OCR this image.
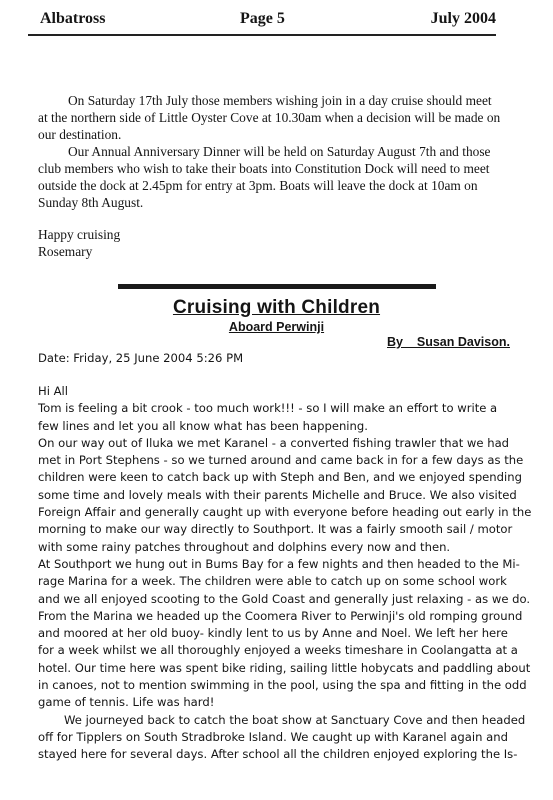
Albatross	Page 5	July 2004

On Saturday 17th July those members wishing join in a day cruise should meet

at the northern side of Little Oyster Cove at 10.30am when a decision will be made on
our destination.

Our Annual Anniversary Dinner will be held on Saturday August 7th and those

club members who wish to take their boats into Constitution Dock will need to meet
outside the dock at 2.45pm for entry at 3pm. Boats will leave the dock at 10am on
Sunday 8th August.
Happy cruising
Rosemary
Cruising with Children
Aboard Perwinji
By    Susan Davison.
Date: Friday, 25 June 2004 5:26 PM
Hi All
Tom is feeling a bit crook - too much work!!! - so I will make an effort to write a
few lines and let you all know what has been happening.
On our way out of Iluka we met Karanel - a converted fishing trawler that we had
met in Port Stephens - so we turned around and came back in for a few days as the
children were keen to catch back up with Steph and Ben, and we enjoyed spending
some time and lovely meals with their parents Michelle and Bruce. We also visited
Foreign Affair and generally caught up with everyone before heading out early in the
morning to make our way directly to Southport. It was a fairly smooth sail / motor
with some rainy patches throughout and dolphins every now and then.
At Southport we hung out in Bums Bay for a few nights and then headed to the Mi-
rage Marina for a week. The children were able to catch up on some school work
and we all enjoyed scooting to the Gold Coast and generally just relaxing - as we do.
From the Marina we headed up the Coomera River to Perwinji's old romping ground
and moored at her old buoy- kindly lent to us by Anne and Noel. We left her here
for a week whilst we all thoroughly enjoyed a weeks timeshare in Coolangatta at a
hotel. Our time here was spent bike riding, sailing little hobycats and paddling about
in canoes, not to mention swimming in the pool, using the spa and fitting in the odd
game of tennis. Life was hard!
We journeyed back to catch the boat show at Sanctuary Cove and then headed
off for Tipplers on South Stradbroke Island. We caught up with Karanel again and
stayed here for several days. After school all the children enjoyed exploring the Is-
